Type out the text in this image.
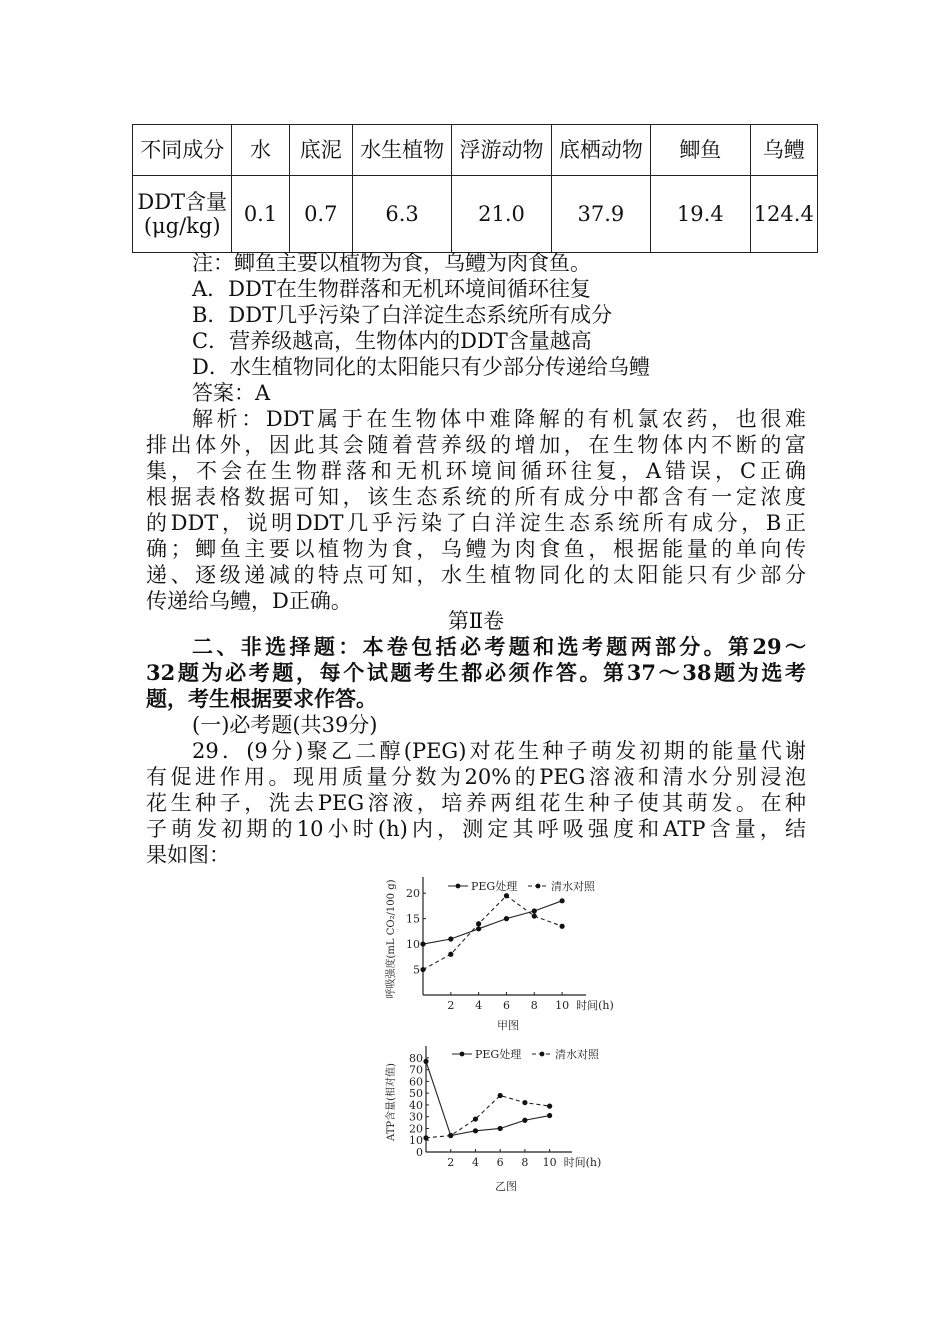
不同成分	水	底泥	水生植物	浮游动物	底栖动物	鲫鱼	乌鳢
DDT含量(μg/kg)	0.1	0.7	6.3	21.0	37.9	19.4	124.4
注：鲫鱼主要以植物为食，乌鳢为肉食鱼。
A．DDT在生物群落和无机环境间循环往复
B．DDT几乎污染了白洋淀生态系统所有成分
C．营养级越高，生物体内的DDT含量越高
D．水生植物同化的太阳能只有少部分传递给乌鳢
答案：A
解析：DDT属于在生物体中难降解的有机氯农药，也很难
排出体外，因此其会随着营养级的增加，在生物体内不断的富
集，不会在生物群落和无机环境间循环往复，A错误，C正确
根据表格数据可知，该生态系统的所有成分中都含有一定浓度
的DDT，说明DDT几乎污染了白洋淀生态系统所有成分，B正
确；鲫鱼主要以植物为食，乌鳢为肉食鱼，根据能量的单向传
递、逐级递减的特点可知，水生植物同化的太阳能只有少部分
传递给乌鳢，D正确。
第Ⅱ卷
二、非选择题：本卷包括必考题和选考题两部分。第29～
32题为必考题，每个试题考生都必须作答。第37～38题为选考
题，考生根据要求作答。
(一)必考题(共39分)
29．(9分)聚乙二醇(PEG)对花生种子萌发初期的能量代谢
有促进作用。现用质量分数为20%的PEG溶液和清水分别浸泡
花生种子，洗去PEG溶液，培养两组花生种子使其萌发。在种
子萌发初期的10小时(h)内，测定其呼吸强度和ATP含量，结
果如图：
5
10
15
20
2 4 6 8 10 时间(h)
呼吸强度(mL CO₂/100 g)	PEG处理	清水对照
甲图
0
10
20
30
40
50
60
70
80
2 4 6 8 10 时间(h)
ATP含量(相对值)
PEG处理	清水对照
乙图
